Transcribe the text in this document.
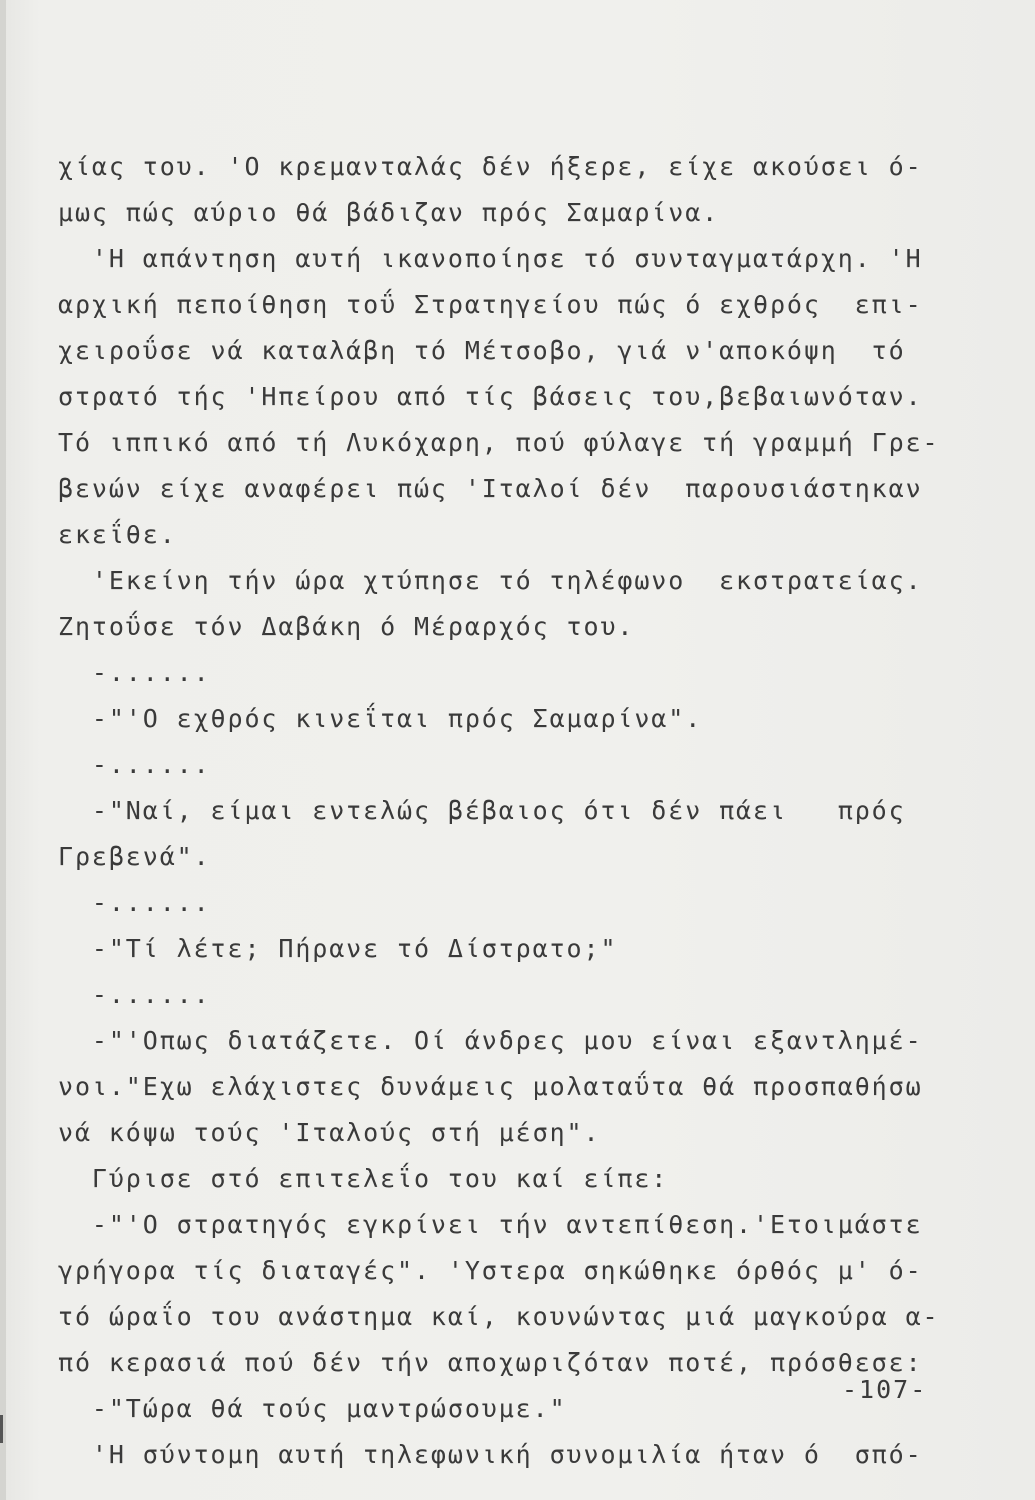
χίας του. 'Ο κρεμανταλάς δέν ήξερε, είχε ακούσει ό-
μως πώς αύριο θά βάδιζαν πρός Σαμαρίνα.
'Η απάντηση αυτή ικανοποίησε τό συνταγματάρχη. 'Η
αρχική πεποίθηση τοΰ Στρατηγείου πώς ό εχθρός  επι-
χειροΰσε νά καταλάβη τό Μέτσοβο, γιά ν'αποκόψη  τό
στρατό τής 'Ηπείρου από τίς βάσεις του,βεβαιωνόταν.
Τό ιππικό από τή Λυκόχαρη, πού φύλαγε τή γραμμή Γρε-
βενών είχε αναφέρει πώς 'Ιταλοί δέν  παρουσιάστηκαν
εκεΐθε.
'Εκείνη τήν ώρα χτύπησε τό τηλέφωνο  εκστρατείας.
Ζητοΰσε τόν Δαβάκη ό Μέραρχός του.
-......
-"'Ο εχθρός κινεΐται πρός Σαμαρίνα".
-......
-"Ναί, είμαι εντελώς βέβαιος ότι δέν πάει   πρός
Γρεβενά".
-......
-"Τί λέτε; Πήρανε τό Δίστρατο;"
-......
-"'Οπως διατάζετε. Οί άνδρες μου είναι εξαντλημέ-
νοι."Εχω ελάχιστες δυνάμεις μολαταΰτα θά προσπαθήσω
νά κόψω τούς 'Ιταλούς στή μέση".
Γύρισε στό επιτελεΐο του καί είπε:
-"'Ο στρατηγός εγκρίνει τήν αντεπίθεση.'Ετοιμάστε
γρήγορα τίς διαταγές". 'Υστερα σηκώθηκε όρθός μ' ό-
τό ώραΐο του ανάστημα καί, κουνώντας μιά μαγκούρα α-
πό κερασιά πού δέν τήν αποχωριζόταν ποτέ, πρόσθεσε:
-"Τώρα θά τούς μαντρώσουμε."
'Η σύντομη αυτή τηλεφωνική συνομιλία ήταν ό  σπό-
-107-
